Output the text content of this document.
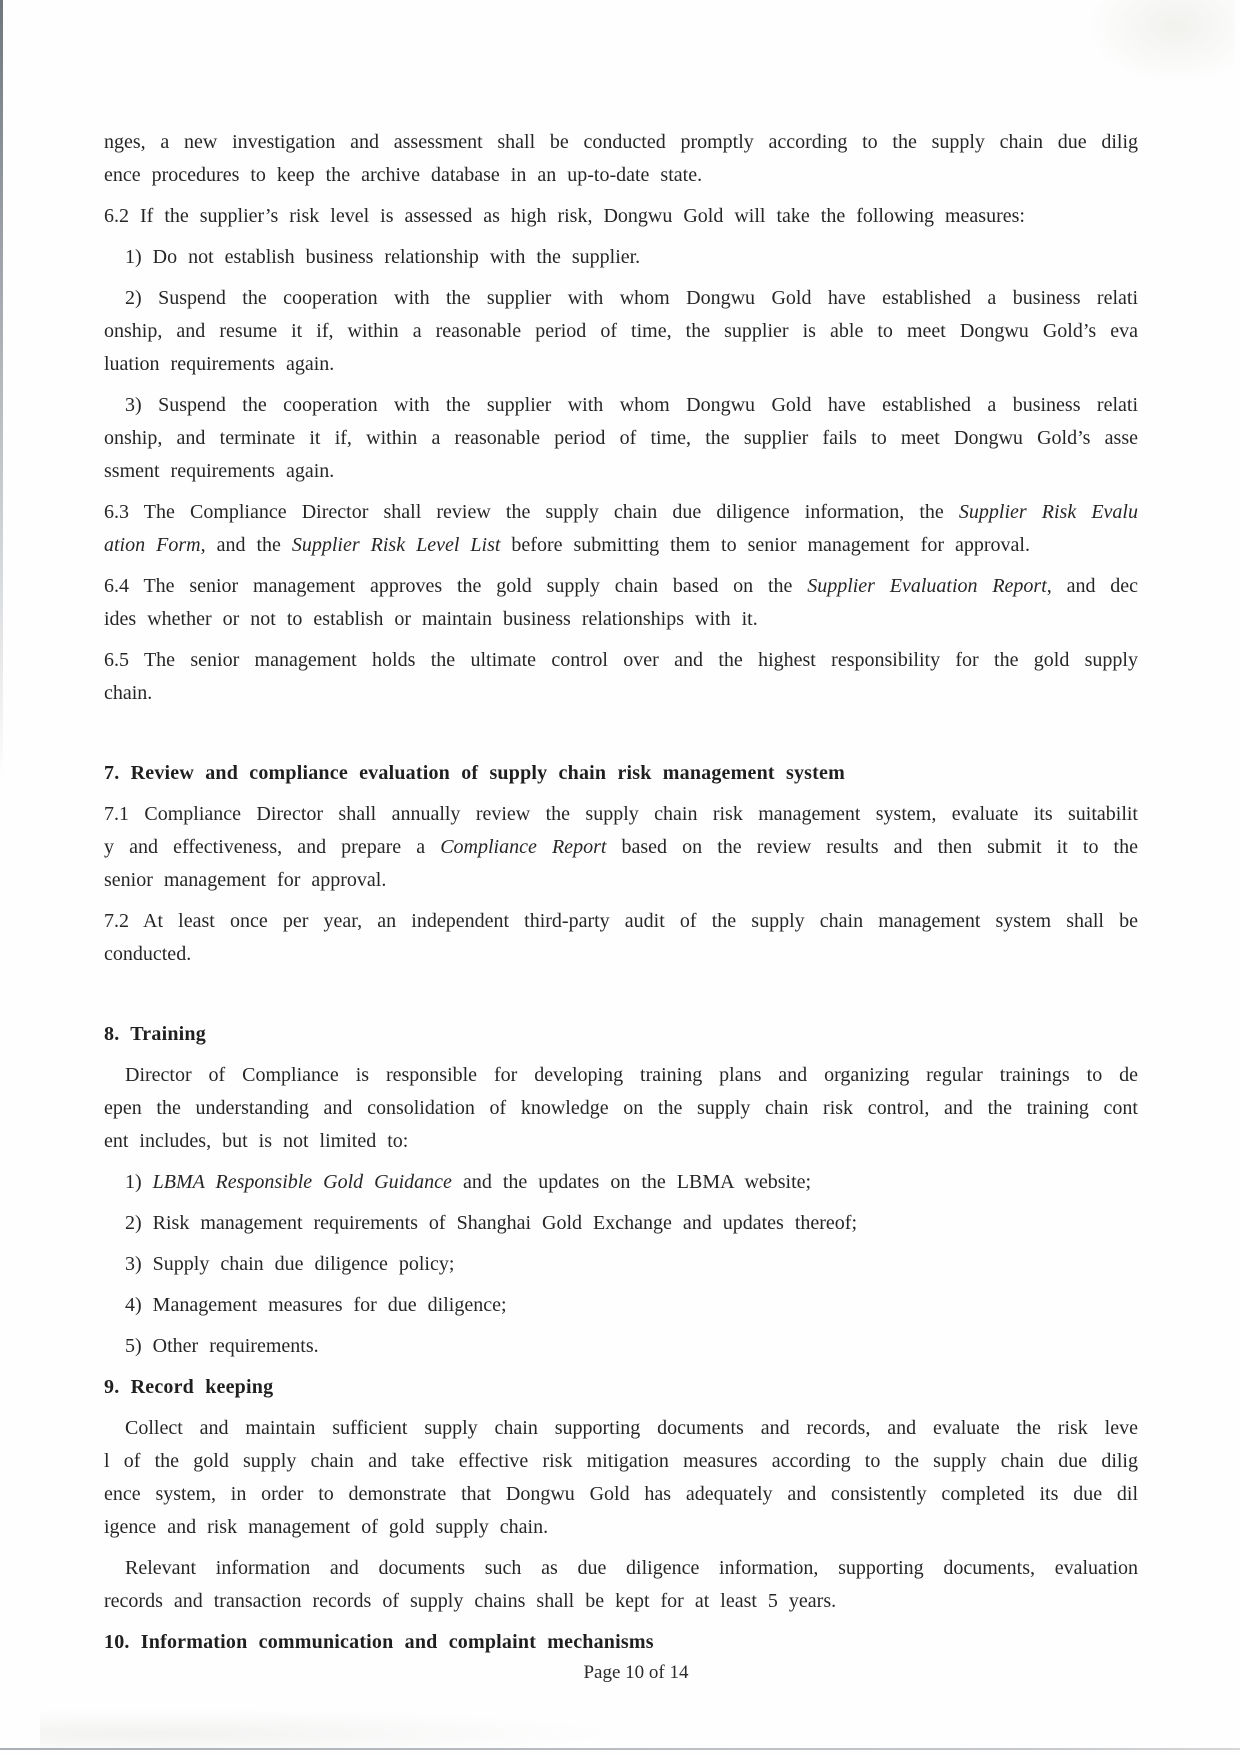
nges, a new investigation and assessment shall be conducted promptly according to the supply chain due dilig
ence procedures to keep the archive database in an up-to-date state.
6.2 If the supplier’s risk level is assessed as high risk, Dongwu Gold will take the following measures:
1) Do not establish business relationship with the supplier.
2) Suspend the cooperation with the supplier with whom Dongwu Gold have established a business relati
onship, and resume it if, within a reasonable period of time, the supplier is able to meet Dongwu Gold’s eva
luation requirements again.
3) Suspend the cooperation with the supplier with whom Dongwu Gold have established a business relati
onship, and terminate it if, within a reasonable period of time, the supplier fails to meet Dongwu Gold’s asse
ssment requirements again.
6.3 The Compliance Director shall review the supply chain due diligence information, the Supplier Risk Evalu
ation Form, and the Supplier Risk Level List before submitting them to senior management for approval.
6.4 The senior management approves the gold supply chain based on the Supplier Evaluation Report, and dec
ides whether or not to establish or maintain business relationships with it.
6.5 The senior management holds the ultimate control over and the highest responsibility for the gold supply
chain.
7. Review and compliance evaluation of supply chain risk management system
7.1 Compliance Director shall annually review the supply chain risk management system, evaluate its suitabilit
y and effectiveness, and prepare a Compliance Report based on the review results and then submit it to the
senior management for approval.
7.2 At least once per year, an independent third-party audit of the supply chain management system shall be
conducted.
8. Training
Director of Compliance is responsible for developing training plans and organizing regular trainings to de
epen the understanding and consolidation of knowledge on the supply chain risk control, and the training cont
ent includes, but is not limited to:
1) LBMA Responsible Gold Guidance and the updates on the LBMA website;
2) Risk management requirements of Shanghai Gold Exchange and updates thereof;
3) Supply chain due diligence policy;
4) Management measures for due diligence;
5) Other requirements.
9. Record keeping
Collect and maintain sufficient supply chain supporting documents and records, and evaluate the risk leve
l of the gold supply chain and take effective risk mitigation measures according to the supply chain due dilig
ence system, in order to demonstrate that Dongwu Gold has adequately and consistently completed its due dil
igence and risk management of gold supply chain.
Relevant information and documents such as due diligence information, supporting documents, evaluation
records and transaction records of supply chains shall be kept for at least 5 years.
10. Information communication and complaint mechanisms
Page 10 of 14
